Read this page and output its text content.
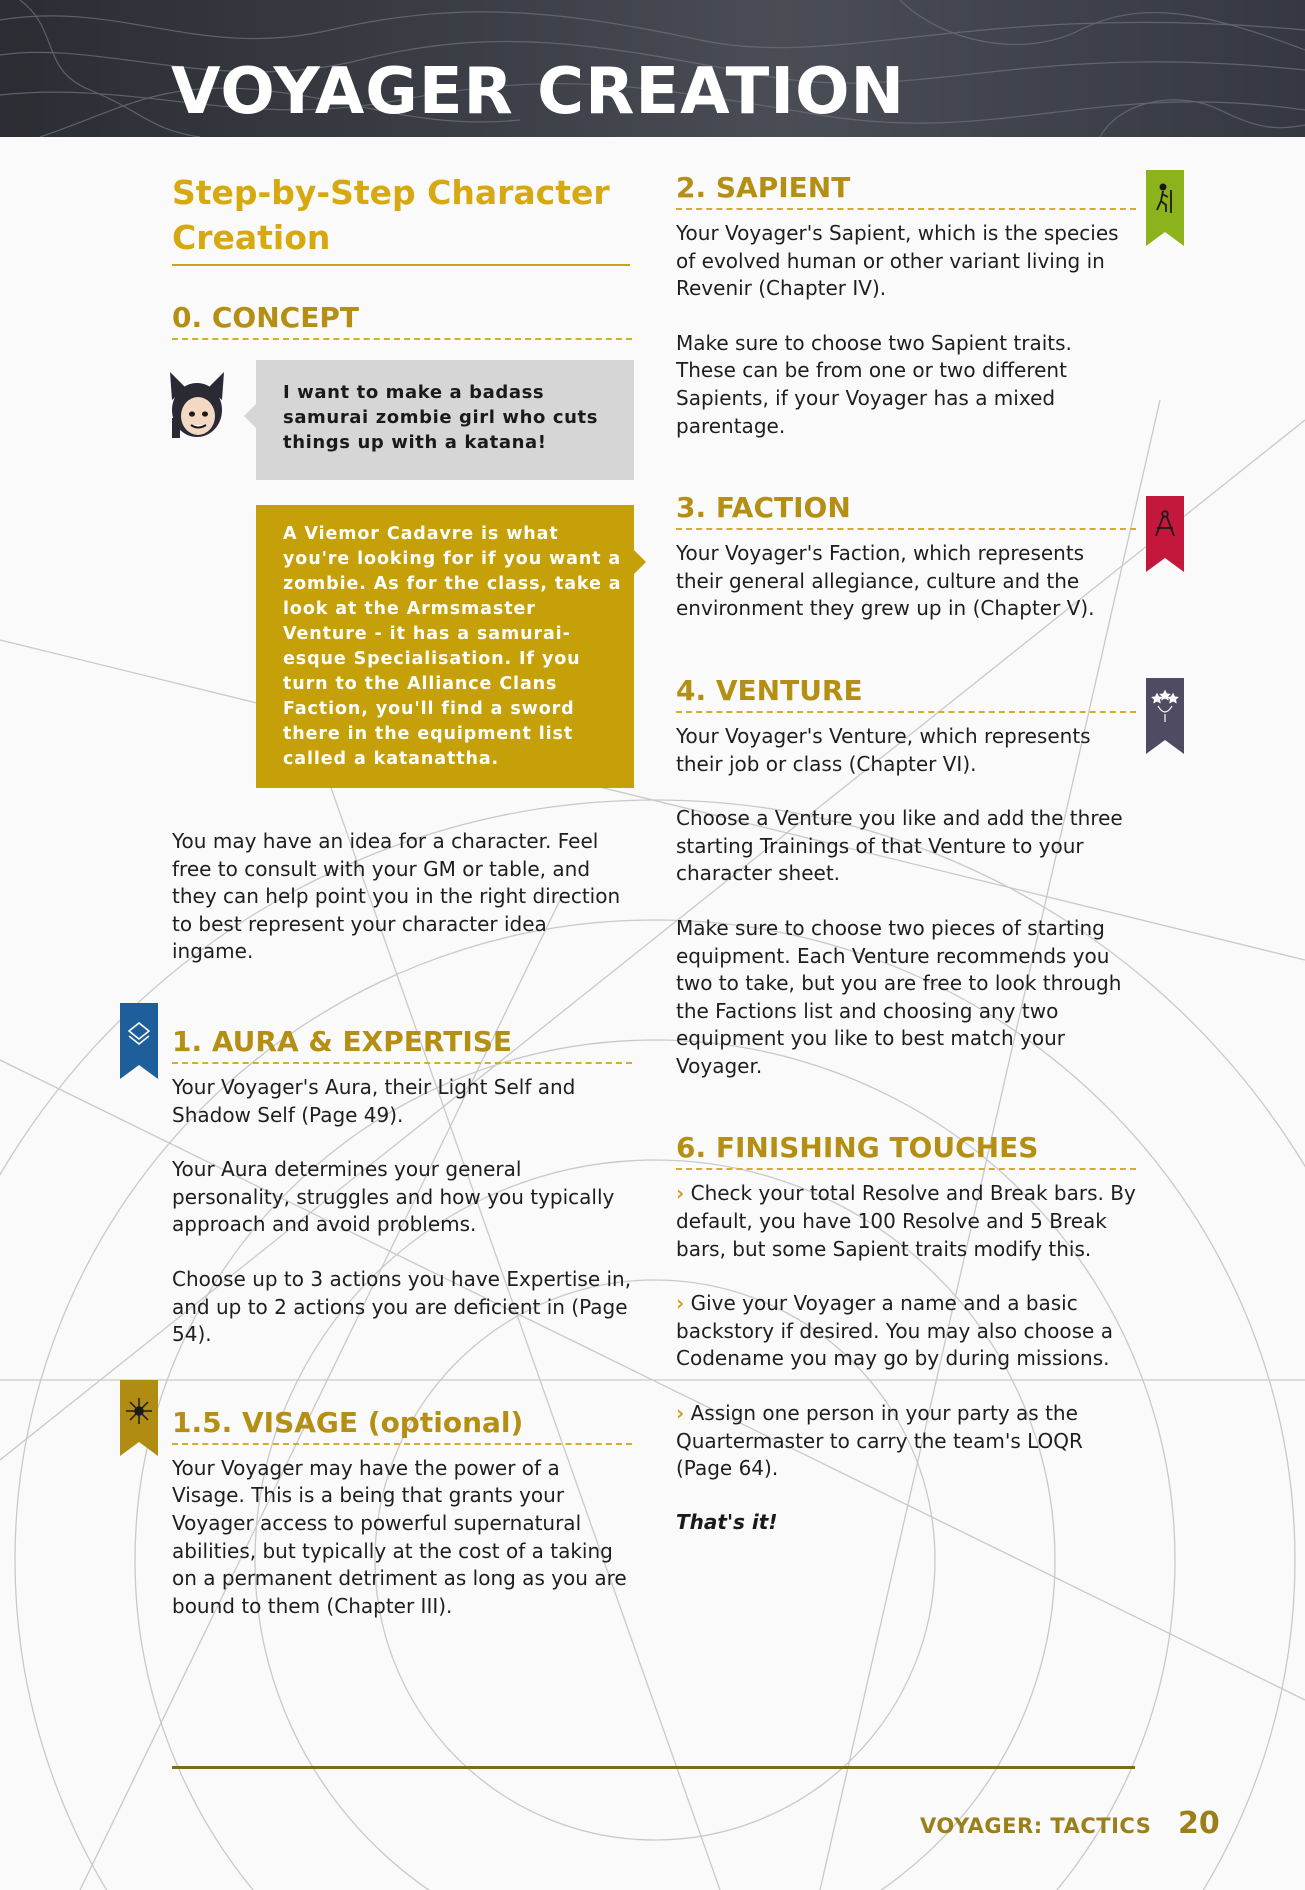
VOYAGER CREATION
Step-by-Step Character Creation
0. CONCEPT
You may have an idea for a character. Feel free to consult with your GM or table, and they can help point you in the right direction to best represent your character idea ingame.
1. AURA & EXPERTISE
Your Voyager's Aura, their Light Self and Shadow Self (Page 49).
Your Aura determines your general personality, struggles and how you typically approach and avoid problems.
Choose up to 3 actions you have Expertise in, and up to 2 actions you are deficient in (Page 54).
1.5. VISAGE (optional)
Your Voyager may have the power of a Visage. This is a being that grants your Voyager access to powerful supernatural abilities, but typically at the cost of a taking on a permanent detriment as long as you are bound to them (Chapter III).
I want to make a badass samurai zombie girl who cuts things up with a katana!
A Viemor Cadavre is what you're looking for if you want a zombie. As for the class, take a look at the Armsmaster Venture - it has a samurai-esque Specialisation. If you turn to the Alliance Clans Faction, you'll find a sword there in the equipment list called a katanattha.
2. SAPIENT
Your Voyager's Sapient, which is the species of evolved human or other variant living in Revenir (Chapter IV).
Make sure to choose two Sapient traits. These can be from one or two different Sapients, if your Voyager has a mixed parentage.
3. FACTION
Your Voyager's Faction, which represents their general allegiance, culture and the environment they grew up in (Chapter V).
4. VENTURE
Your Voyager's Venture, which represents their job or class (Chapter VI).
Choose a Venture you like and add the three starting Trainings of that Venture to your character sheet.
Make sure to choose two pieces of starting equipment. Each Venture recommends you two to take, but you are free to look through the Factions list and choosing any two equipment you like to best match your Voyager.
6. FINISHING TOUCHES
› Check your total Resolve and Break bars. By default, you have 100 Resolve and 5 Break bars, but some Sapient traits modify this.
› Give your Voyager a name and a basic backstory if desired. You may also choose a Codename you may go by during missions.
› Assign one person in your party as the Quartermaster to carry the team's LOQR (Page 64).
That's it!
VOYAGER: TACTICS 20
